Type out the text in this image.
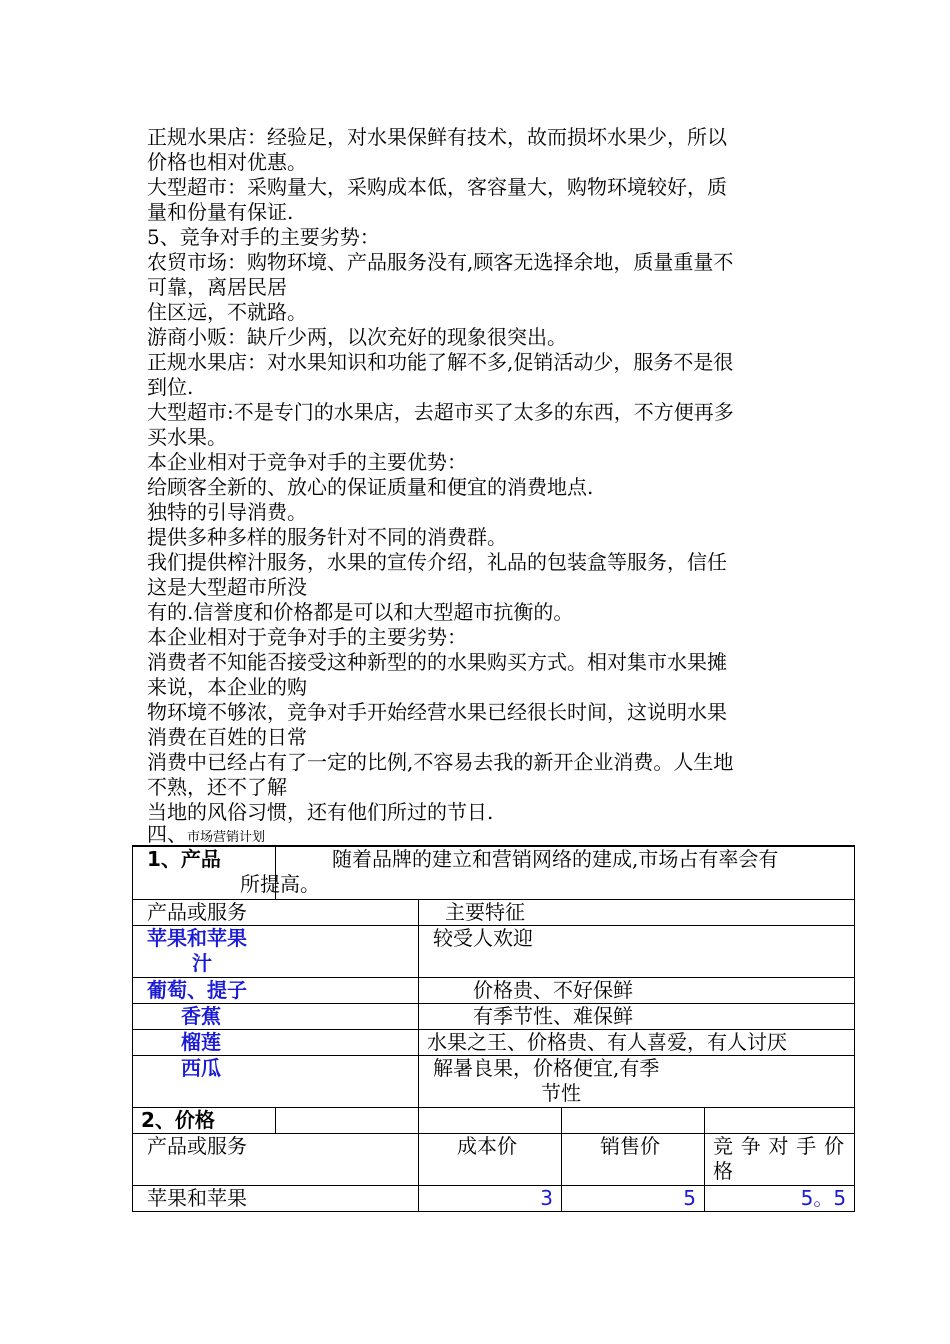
正规水果店：经验足，对水果保鲜有技术，故而损坏水果少，所以

价格也相对优惠。

大型超市：采购量大，采购成本低，客容量大，购物环境较好，质

量和份量有保证.

5、竞争对手的主要劣势：

农贸市场：购物环境、产品服务没有,顾客无选择余地，质量重量不

可靠，离居民居

住区远，不就路。

游商小贩：缺斤少两，以次充好的现象很突出。

正规水果店：对水果知识和功能了解不多,促销活动少，服务不是很

到位.

大型超市:不是专门的水果店，去超市买了太多的东西，不方便再多

买水果。

本企业相对于竞争对手的主要优势：

给顾客全新的、放心的保证质量和便宜的消费地点.

独特的引导消费。

提供多种多样的服务针对不同的消费群。

我们提供榨汁服务，水果的宣传介绍，礼品的包装盒等服务，信任

这是大型超市所没

有的.信誉度和价格都是可以和大型超市抗衡的。

本企业相对于竞争对手的主要劣势：

消费者不知能否接受这种新型的的水果购买方式。相对集市水果摊

来说，本企业的购

物环境不够浓，竞争对手开始经营水果已经很长时间，这说明水果

消费在百姓的日常

消费中已经占有了一定的比例,不容易去我的新开企业消费。人生地

不熟，还不了解

当地的风俗习惯，还有他们所过的节日.

四、市场营销计划
1、产品	随着品牌的建立和营销网络的建成,市场占有率会有
所提高。			
产品或服务		主要特征		
苹果和苹果
汁		较受人欢迎		
葡萄、提子		价格贵、不好保鲜		
香蕉		有季节性、难保鲜		
榴莲		水果之王、价格贵、有人喜爱，有人讨厌		
西瓜		解暑良果，价格便宜,有季
节性		
2、价格				
产品或服务		成本价	销售价	竞争对手价
格

苹果和苹果		3	5	5。5
